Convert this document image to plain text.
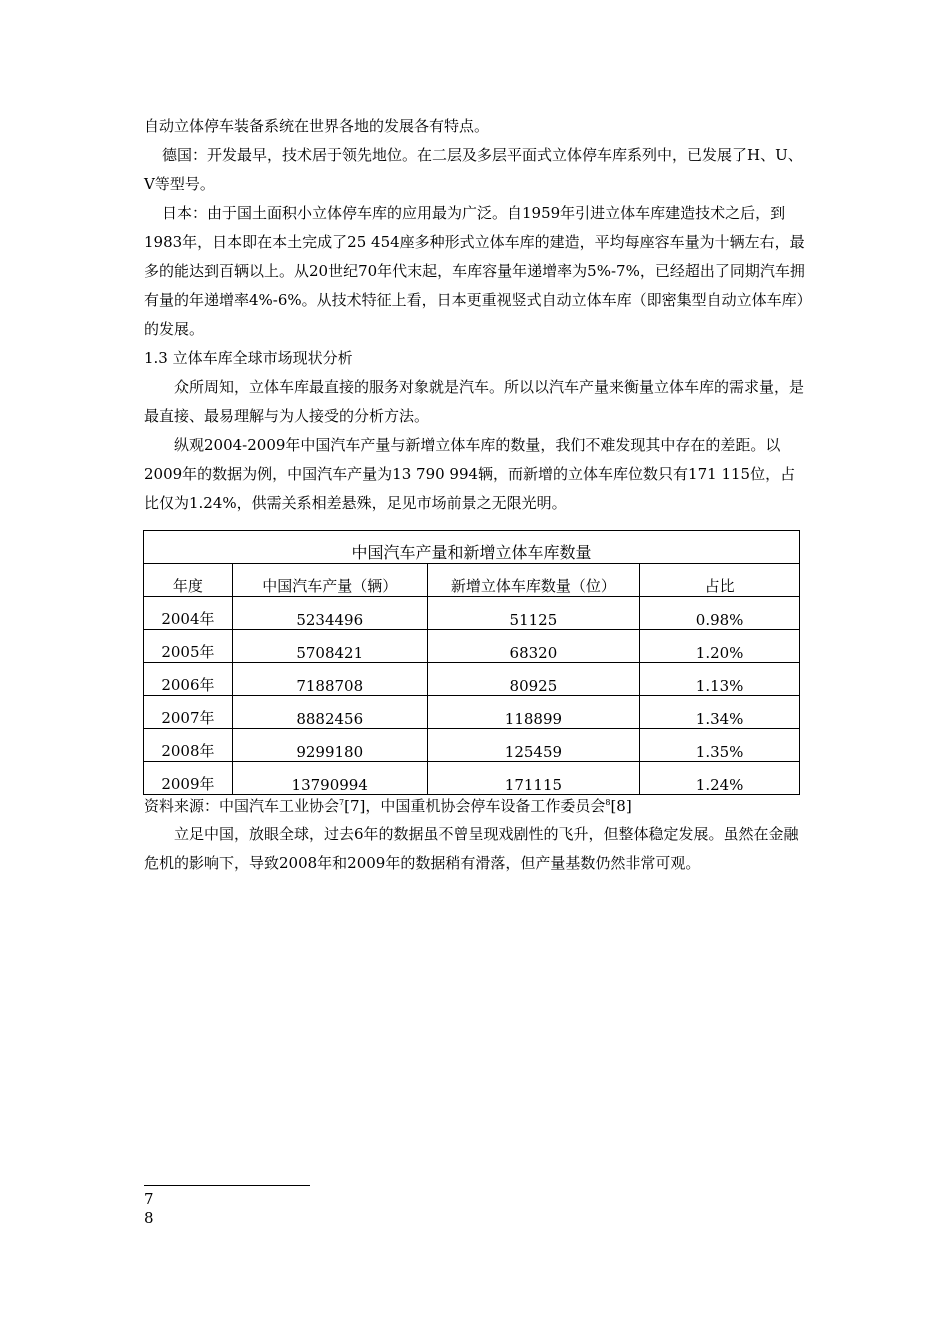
自动立体停车装备系统在世界各地的发展各有特点。

德国：开发最早，技术居于领先地位。在二层及多层平面式立体停车库系列中，已发展了H、U、V等型号。

日本：由于国土面积小立体停车库的应用最为广泛。自1959年引进立体车库建造技术之后，到1983年，日本即在本土完成了25 454座多种形式立体车库的建造，平均每座容车量为十辆左右，最多的能达到百辆以上。从20世纪70年代末起，车库容量年递增率为5%-7%，已经超出了同期汽车拥有量的年递增率4%-6%。从技术特征上看，日本更重视竖式自动立体车库（即密集型自动立体车库）的发展。

1.3 立体车库全球市场现状分析

众所周知，立体车库最直接的服务对象就是汽车。所以以汽车产量来衡量立体车库的需求量，是最直接、最易理解与为人接受的分析方法。

纵观2004-2009年中国汽车产量与新增立体车库的数量，我们不难发现其中存在的差距。以2009年的数据为例，中国汽车产量为13 790 994辆，而新增的立体车库位数只有171 115位，占比仅为1.24%，供需关系相差悬殊，足见市场前景之无限光明。

中国汽车产量和新增立体车库数量			
年度	中国汽车产量（辆）	新增立体车库数量（位）	占比
2004年	5234496	51125	0.98%
2005年	5708421	68320	1.20%
2006年	7188708	80925	1.13%
2007年	8882456	118899	1.34%
2008年	9299180	125459	1.35%
2009年	13790994	171115	1.24%
资料来源：中国汽车工业协会$^7$[7]，中国重机协会停车设备工作委员会$^8$[8]

立足中国，放眼全球，过去6年的数据虽不曾呈现戏剧性的飞升，但整体稳定发展。虽然在金融危机的影响下，导致2008年和2009年的数据稍有滑落，但产量基数仍然非常可观。

7
8
